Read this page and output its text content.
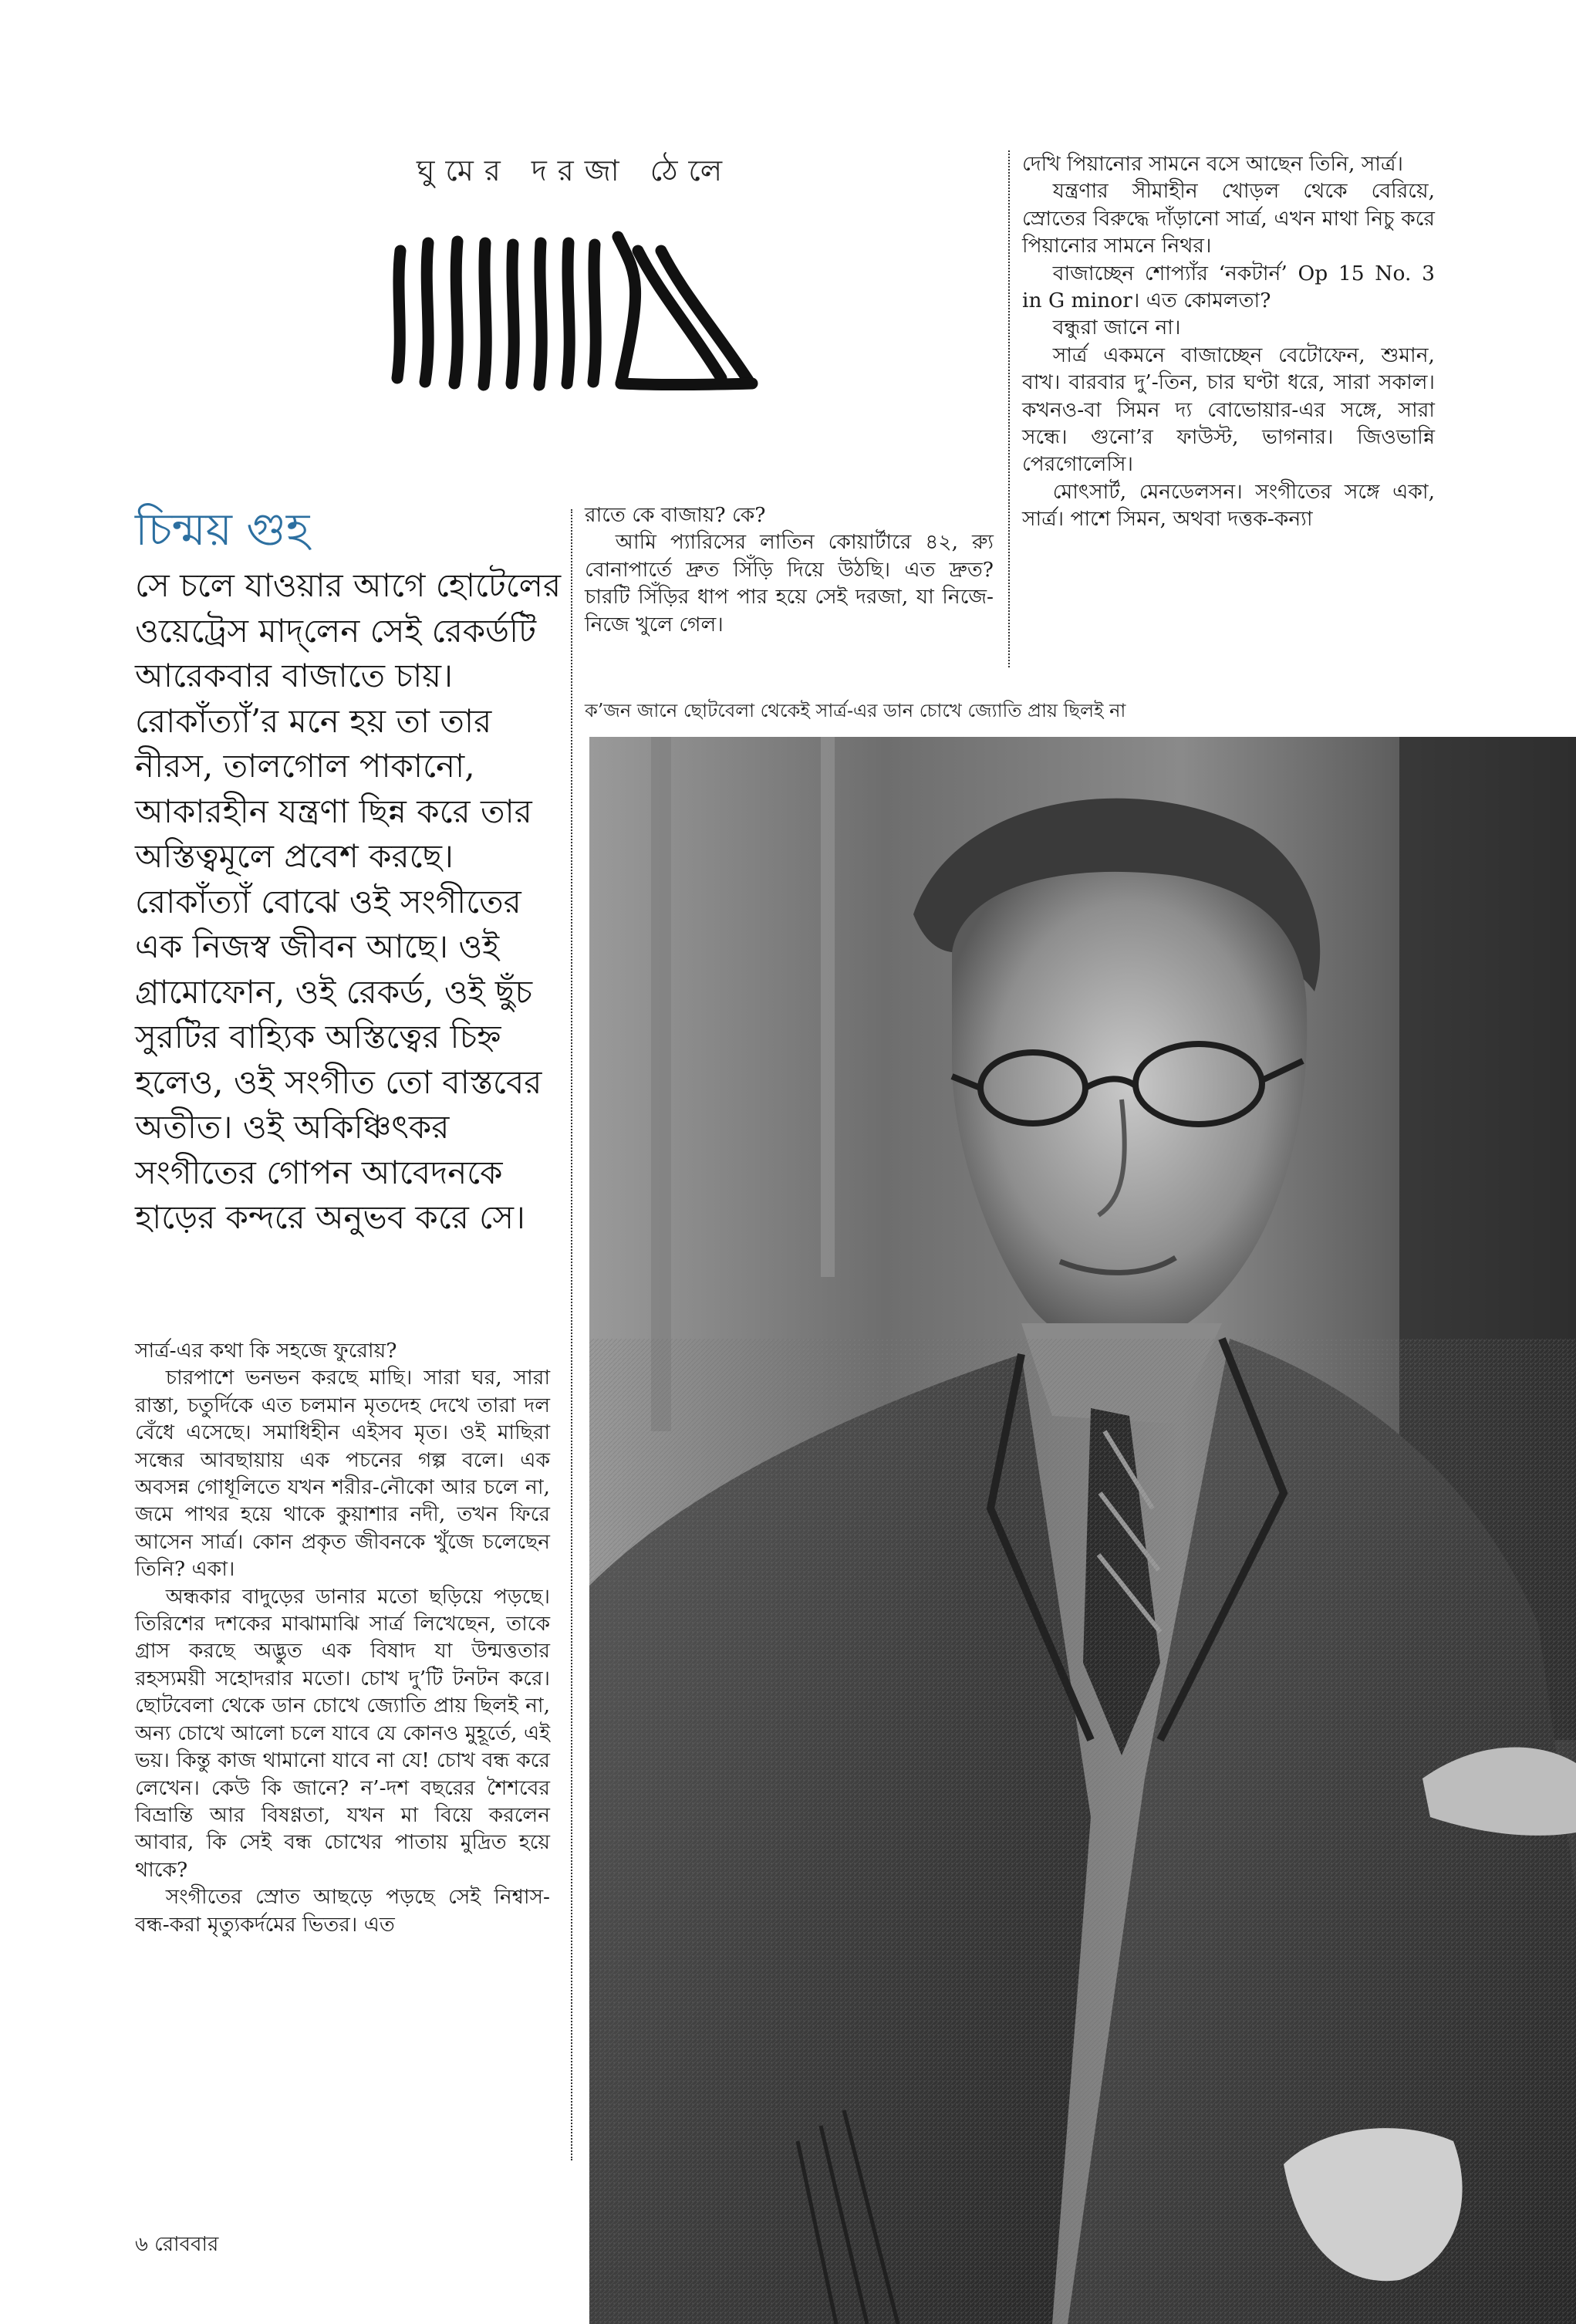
ঘুমের দরজা ঠেলে
চিন্ময় গুহ
সে চলে যাওয়ার আগে হোটেলের ওয়েট্রেস মাদ্‌লেন সেই রেকর্ডটি আরেকবার বাজাতে চায়। রোকাঁত্যাঁ’র মনে হয় তা তার নীরস, তালগোল পাকানো, আকারহীন যন্ত্রণা ছিন্ন করে তার অস্তিত্বমূলে প্রবেশ করছে। রোকাঁত্যাঁ বোঝে ওই সংগীতের এক নিজস্ব জীবন আছে। ওই গ্রামোফোন, ওই রেকর্ড, ওই ছুঁচ সুরটির বাহ্যিক অস্তিত্বের চিহ্ন হলেও, ওই সংগীত তো বাস্তবের অতীত। ওই অকিঞ্চিৎকর সংগীতের গোপন আবেদনকে হাড়ের কন্দরে অনুভব করে সে।

সার্ত্র-এর কথা কি সহজে ফুরোয়?

চারপাশে ভনভন করছে মাছি। সারা ঘর, সারা রাস্তা, চতুর্দিকে এত চলমান মৃতদেহ দেখে তারা দল বেঁধে এসেছে। সমাধিহীন এইসব মৃত। ওই মাছিরা সন্ধের আবছায়ায় এক পচনের গল্প বলে। এক অবসন্ন গোধূলিতে যখন শরীর-নৌকো আর চলে না, জমে পাথর হয়ে থাকে কুয়াশার নদী, তখন ফিরে আসেন সার্ত্র। কোন প্রকৃত জীবনকে খুঁজে চলেছেন তিনি? একা।

অন্ধকার বাদুড়ের ডানার মতো ছড়িয়ে পড়ছে। তিরিশের দশকের মাঝামাঝি সার্ত্র লিখেছেন, তাকে গ্রাস করছে অদ্ভুত এক বিষাদ যা উন্মত্ততার রহস্যময়ী সহোদরার মতো। চোখ দু’টি টনটন করে। ছোটবেলা থেকে ডান চোখে জ্যোতি প্রায় ছিলই না, অন্য চোখে আলো চলে যাবে যে কোনও মুহূর্তে, এই ভয়। কিন্তু কাজ থামানো যাবে না যে! চোখ বন্ধ করে লেখেন। কেউ কি জানে? ন’-দশ বছরের শৈশবের বিভ্রান্তি আর বিষণ্ণতা, যখন মা বিয়ে করলেন আবার, কি সেই বন্ধ চোখের পাতায় মুদ্রিত হয়ে থাকে?

সংগীতের স্রোত আছড়ে পড়ছে সেই নিশ্বাস-বন্ধ-করা মৃত্যুকর্দমের ভিতর। এত

রাতে কে বাজায়? কে?

আমি প্যারিসের লাতিন কোয়ার্টারে ৪২, র‍্যু বোনাপার্তে দ্রুত সিঁড়ি দিয়ে উঠছি। এত দ্রুত? চারটি সিঁড়ির ধাপ পার হয়ে সেই দরজা, যা নিজে-নিজে খুলে গেল।

দেখি পিয়ানোর সামনে বসে আছেন তিনি, সার্ত্র।

যন্ত্রণার সীমাহীন খোড়ল থেকে বেরিয়ে, স্রোতের বিরুদ্ধে দাঁড়ানো সার্ত্র, এখন মাথা নিচু করে পিয়ানোর সামনে নিথর।

বাজাচ্ছেন শোপ্যাঁর ‘নকটার্ন’ Op 15 No. 3 in G minor। এত কোমলতা?

বন্ধুরা জানে না।

সার্ত্র একমনে বাজাচ্ছেন বেটোফেন, শুমান, বাখ। বারবার দু’-তিন, চার ঘণ্টা ধরে, সারা সকাল। কখনও-বা সিমন দ্য বোভোয়ার-এর সঙ্গে, সারা সন্ধে। গুনো’র ফাউস্ট, ভাগনার। জিওভান্নি পেরগোলেসি।

মোৎসার্ট, মেনডেলসন। সংগীতের সঙ্গে একা, সার্ত্র। পাশে সিমন, অথবা দত্তক-কন্যা

ক’জন জানে ছোটবেলা থেকেই সার্ত্র-এর ডান চোখে জ্যোতি প্রায় ছিলই না
৬ রোববার
